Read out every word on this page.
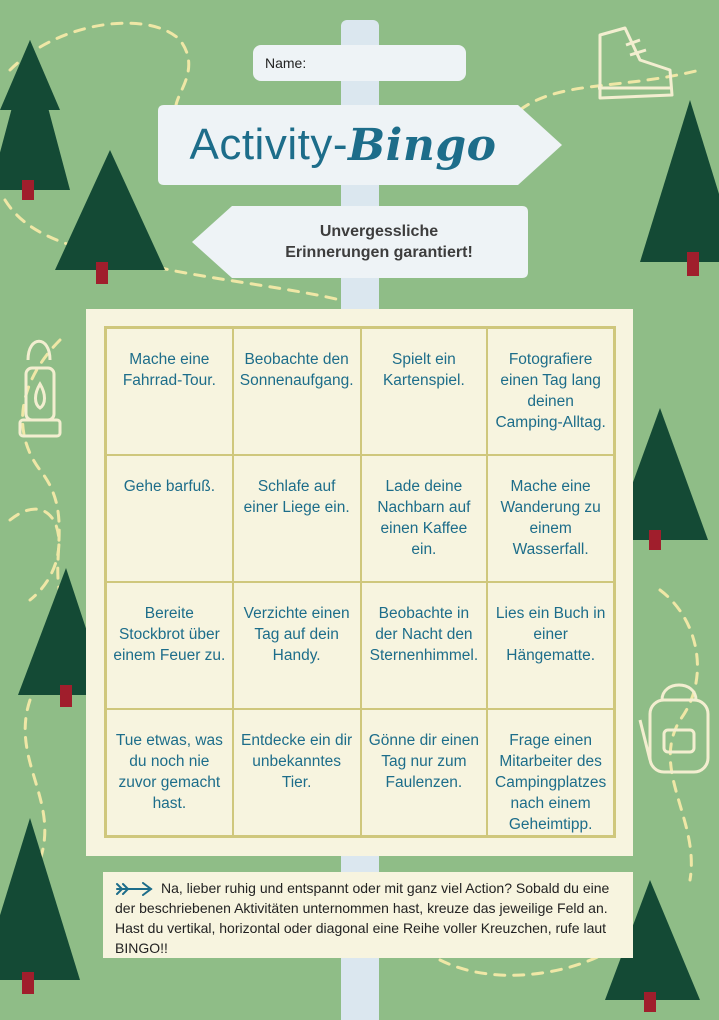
Name:
Activity- Bingo
Unvergessliche
Erinnerungen garantiert!
Mache eine Fahrrad-Tour.
Beobachte den Sonnenaufgang.
Spielt ein Kartenspiel.
Fotografiere einen Tag lang deinen Camping-Alltag.
Gehe barfuß.	Schlafe auf einer Liege ein.
Lade deine Nachbarn auf einen Kaffee ein.
Mache eine Wanderung zu einem Wasserfall.
Bereite Stockbrot über einem Feuer zu.
Verzichte einen Tag auf dein Handy.
Beobachte in der Nacht den Sternenhimmel.
Lies ein Buch in einer Hängematte.
Tue etwas, was du noch nie zuvor gemacht hast.
Entdecke ein dir unbekanntes Tier.
Gönne dir einen Tag nur zum Faulenzen.
Frage einen Mitarbeiter des Campingplatzes nach einem Geheimtipp.
Na, lieber ruhig und entspannt oder mit ganz viel Action? Sobald du eine der beschriebenen Aktivitäten unternommen hast, kreuze das jeweilige Feld an. Hast du vertikal, horizontal oder diagonal eine Reihe voller Kreuzchen, rufe laut BINGO!!
